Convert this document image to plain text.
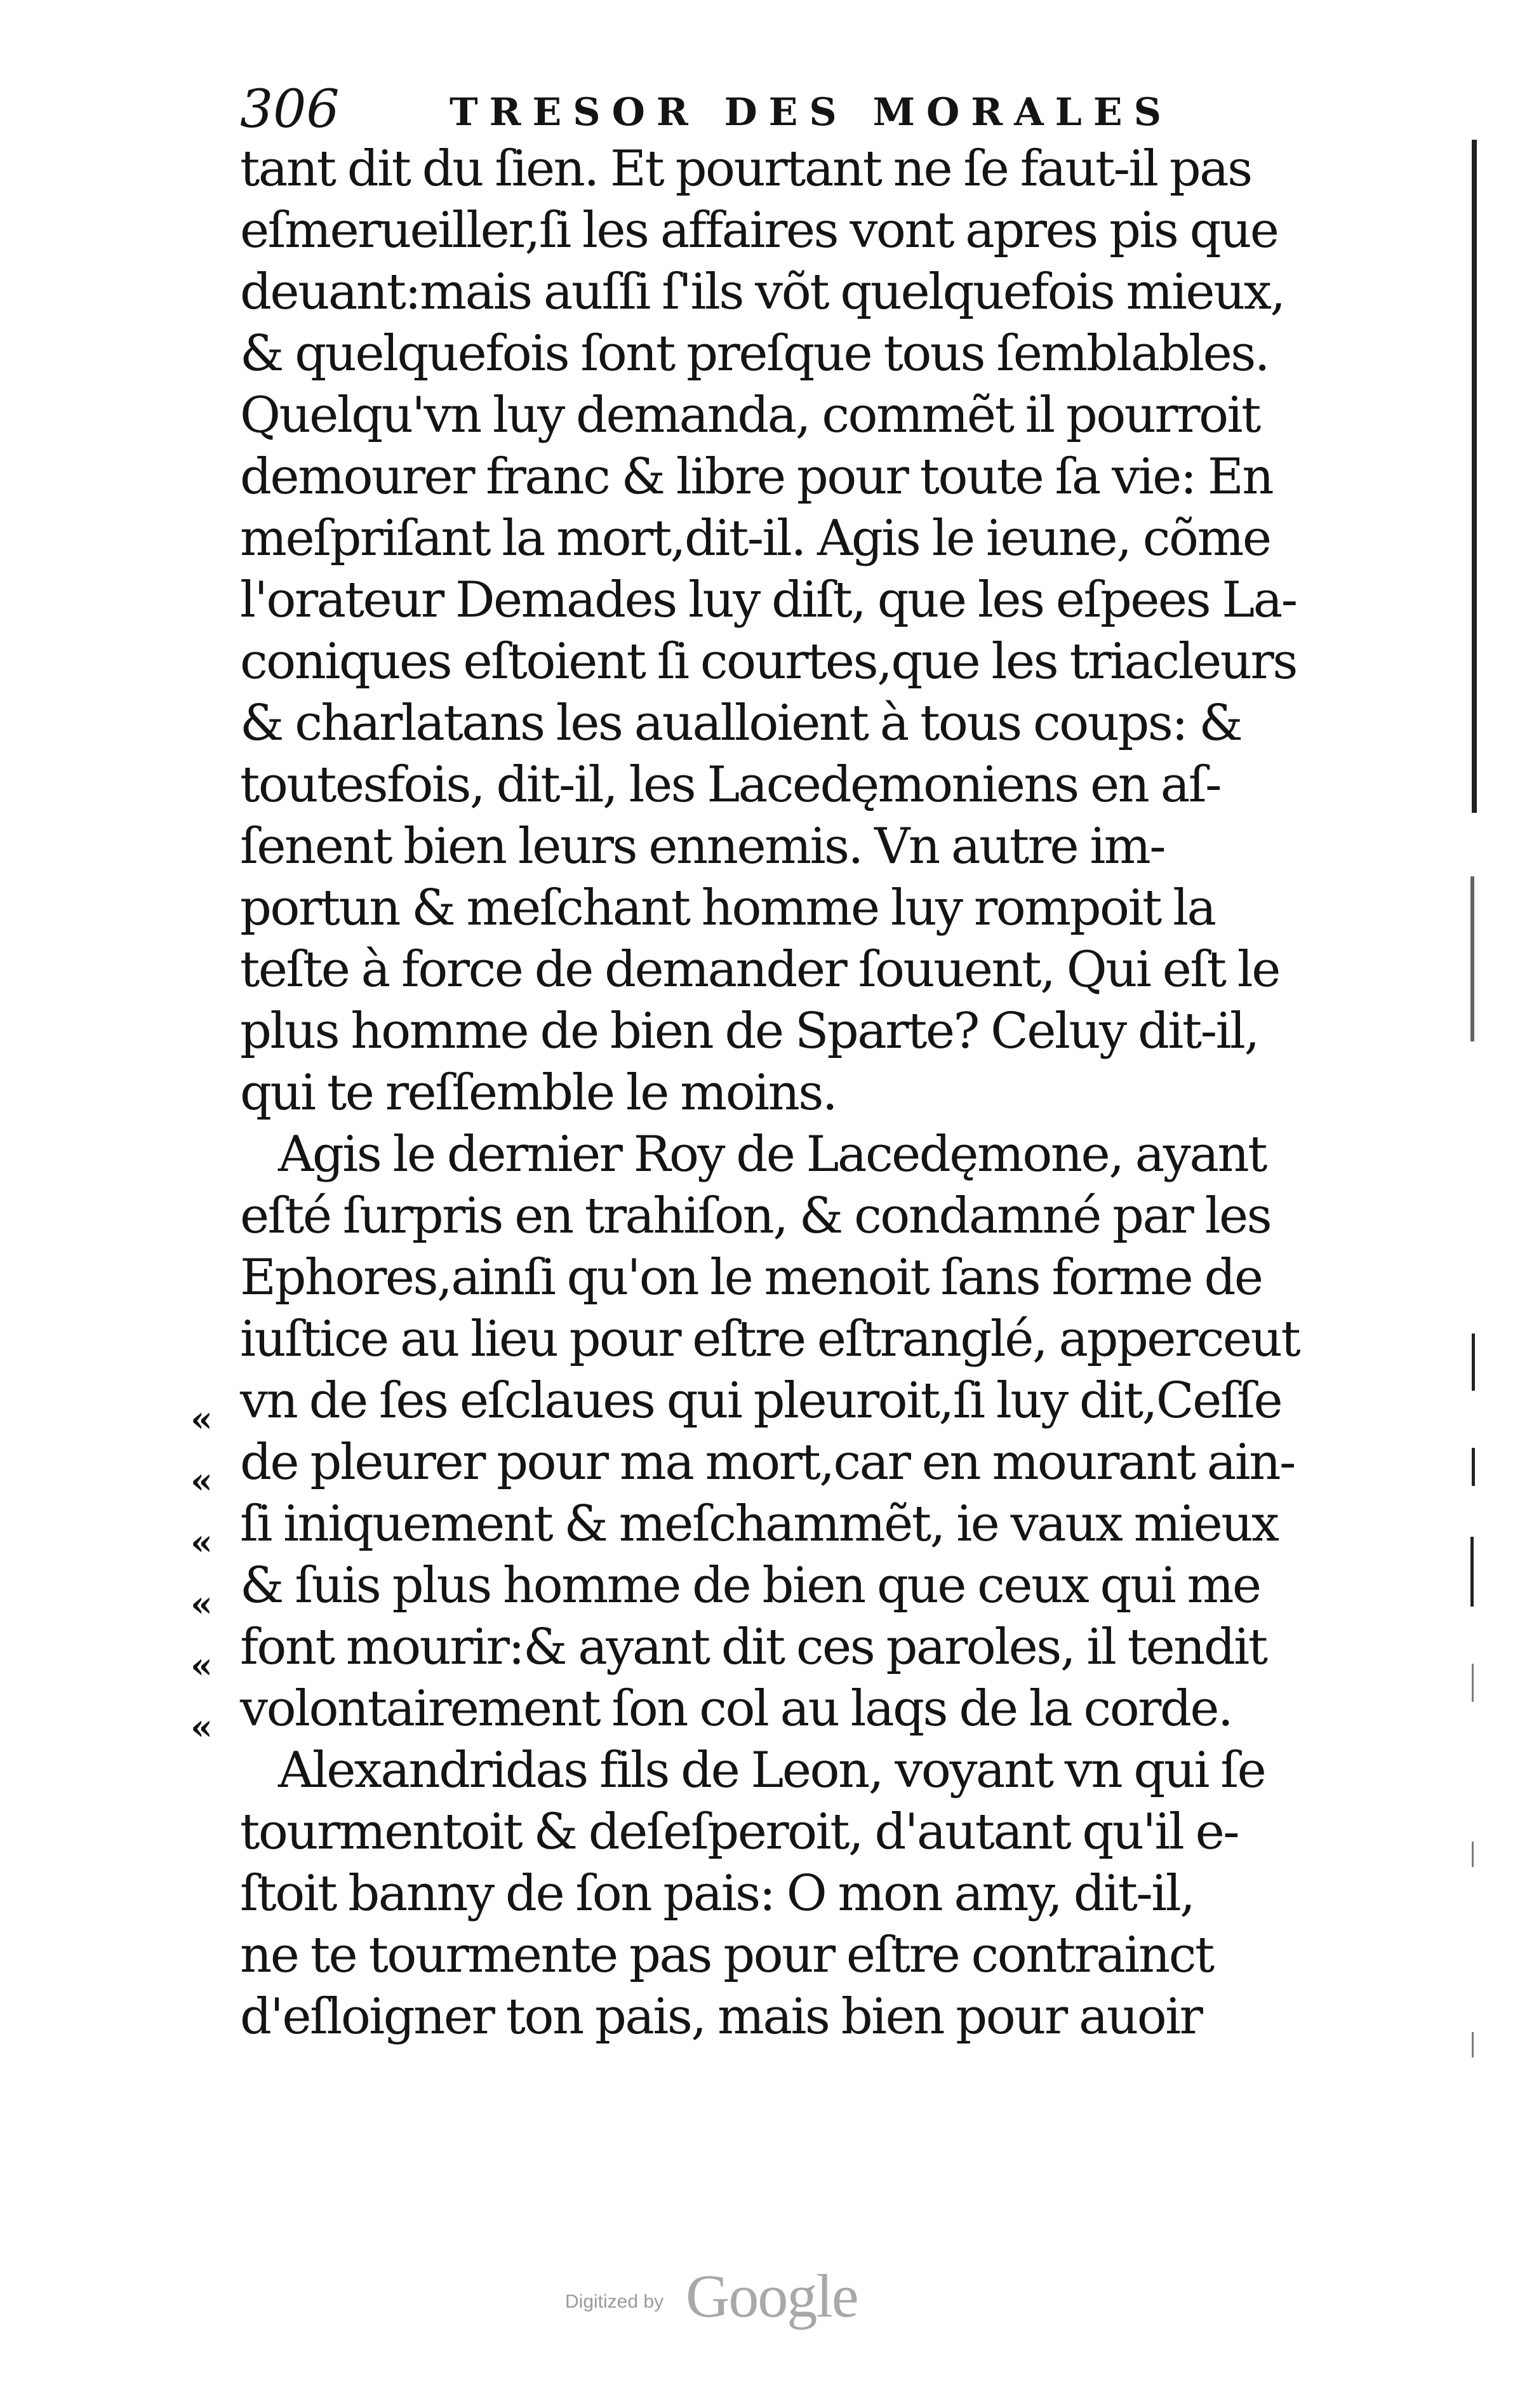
306	TRESOR DES MORALES
tant dit du ſien. Et pourtant ne ſe faut-il pas
eſmerueiller,ſi les affaires vont apres pis que
deuant:mais auſſi ſ'ils võt quelquefois mieux,
& quelquefois ſont preſque tous ſemblables.
Quelqu'vn luy demanda, commẽt il pourroit
demourer franc & libre pour toute ſa vie: En
meſpriſant la mort,dit-il. Agis le ieune, cõme
l'orateur Demades luy diſt, que les eſpees La-
coniques eſtoient ſi courtes,que les triacleurs
& charlatans les aualloient à tous coups: &
toutesfois, dit-il, les Lacedęmoniens en aſ-
ſenent bien leurs ennemis. Vn autre im-
portun & meſchant homme luy rompoit la
teſte à force de demander ſouuent, Qui eſt le
plus homme de bien de Sparte? Celuy dit-il,
qui te reſſemble le moins.
Agis le dernier Roy de Lacedęmone, ayant
eſté ſurpris en trahiſon, & condamné par les
Ephores,ainſi qu'on le menoit ſans forme de
iuſtice au lieu pour eſtre eſtranglé, apperceut
vn de ſes eſclaues qui pleuroit,ſi luy dit,Ceſſe
de pleurer pour ma mort,car en mourant ain-
ſi iniquement & meſchammẽt, ie vaux mieux
& ſuis plus homme de bien que ceux qui me
font mourir:& ayant dit ces paroles, il tendit
volontairement ſon col au laqs de la corde.
Alexandridas fils de Leon, voyant vn qui ſe
tourmentoit & deſeſperoit, d'autant qu'il e-
ſtoit banny de ſon pais: O mon amy, dit-il,
ne te tourmente pas pour eſtre contrainct
d'eſloigner ton pais, mais bien pour auoir
«
«
«
«
«
«
Digitized by Google
